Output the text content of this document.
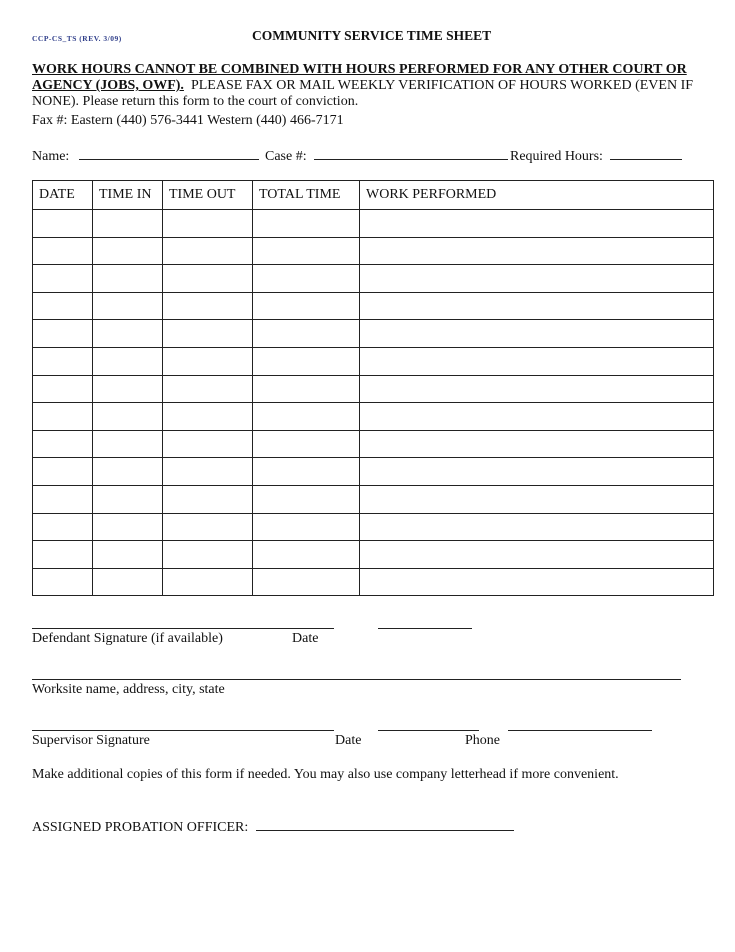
CCP-CS_TS (REV. 3/09)	COMMUNITY SERVICE TIME SHEET
WORK HOURS CANNOT BE COMBINED WITH HOURS PERFORMED FOR ANY OTHER COURT OR AGENCY (JOBS, OWF). PLEASE FAX OR MAIL WEEKLY VERIFICATION OF HOURS WORKED (EVEN IF NONE). Please return this form to the court of conviction.
Fax #: Eastern (440) 576-3441 Western (440) 466-7171
Name:	Case #:	Required Hours:
DATE	TIME IN	TIME OUT	TOTAL TIME	WORK PERFORMED

Defendant Signature (if available)	Date
Worksite name, address, city, state
Supervisor Signature	Date	Phone
Make additional copies of this form if needed. You may also use company letterhead if more convenient.
ASSIGNED PROBATION OFFICER:
